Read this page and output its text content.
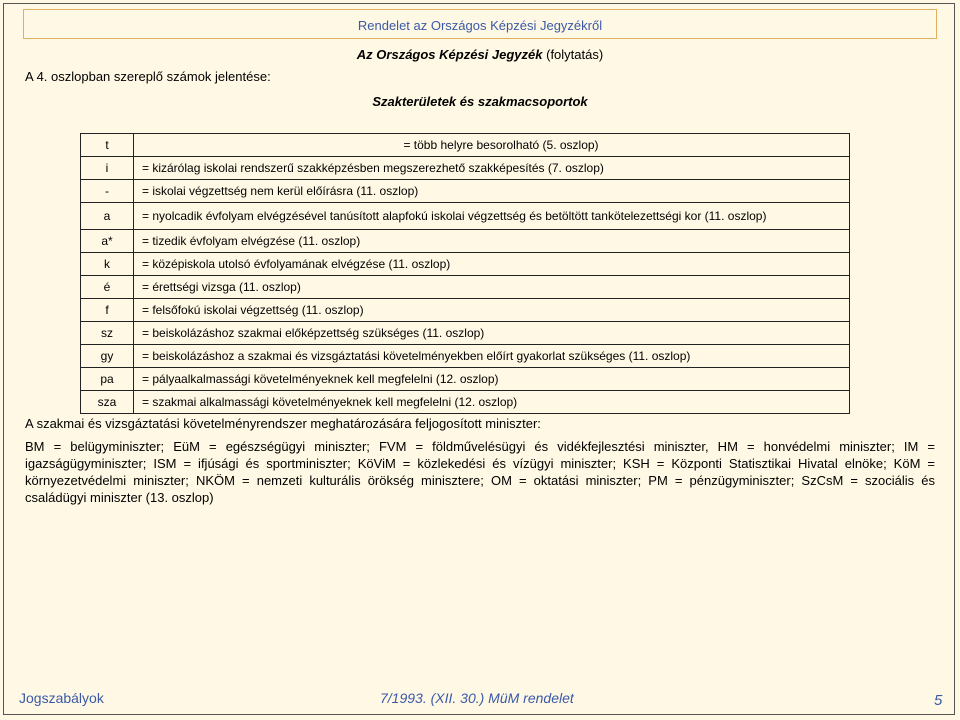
Rendelet az Országos Képzési Jegyzékről
Az Országos Képzési Jegyzék (folytatás)
A 4. oszlopban szereplő számok jelentése:
Szakterületek és szakmacsoportok
t	= több helyre besorolható (5. oszlop)
i	= kizárólag iskolai rendszerű szakképzésben megszerezhető szakképesítés (7. oszlop)
-	= iskolai végzettség nem kerül előírásra (11. oszlop)
a	= nyolcadik évfolyam elvégzésével tanúsított alapfokú iskolai végzettség és betöltött tankötelezettségi kor (11. oszlop)
a*	= tizedik évfolyam elvégzése (11. oszlop)
k	= középiskola utolsó évfolyamának elvégzése (11. oszlop)
é	= érettségi vizsga (11. oszlop)
f	= felsőfokú iskolai végzettség (11. oszlop)
sz	= beiskolázáshoz szakmai előképzettség szükséges (11. oszlop)
gy	= beiskolázáshoz a szakmai és vizsgáztatási követelményekben előírt gyakorlat szükséges (11. oszlop)
pa	= pályaalkalmassági követelményeknek kell megfelelni (12. oszlop)
sza	= szakmai alkalmassági követelményeknek kell megfelelni (12. oszlop)
A szakmai és vizsgáztatási követelményrendszer meghatározására feljogosított miniszter:
BM = belügyminiszter; EüM = egészségügyi miniszter; FVM = földművelésügyi és vidékfejlesztési miniszter, HM = honvédelmi miniszter; IM = igazságügyminiszter; ISM = ifjúsági és sportminiszter; KöViM = közlekedési és vízügyi miniszter; KSH = Központi Statisztikai Hivatal elnöke; KöM = környezetvédelmi miniszter; NKÖM = nemzeti kulturális örökség minisztere; OM = oktatási miniszter; PM = pénzügyminiszter; SzCsM = szociális és családügyi miniszter (13. oszlop)
Jogszabályok	7/1993. (XII. 30.) MüM rendelet	5
